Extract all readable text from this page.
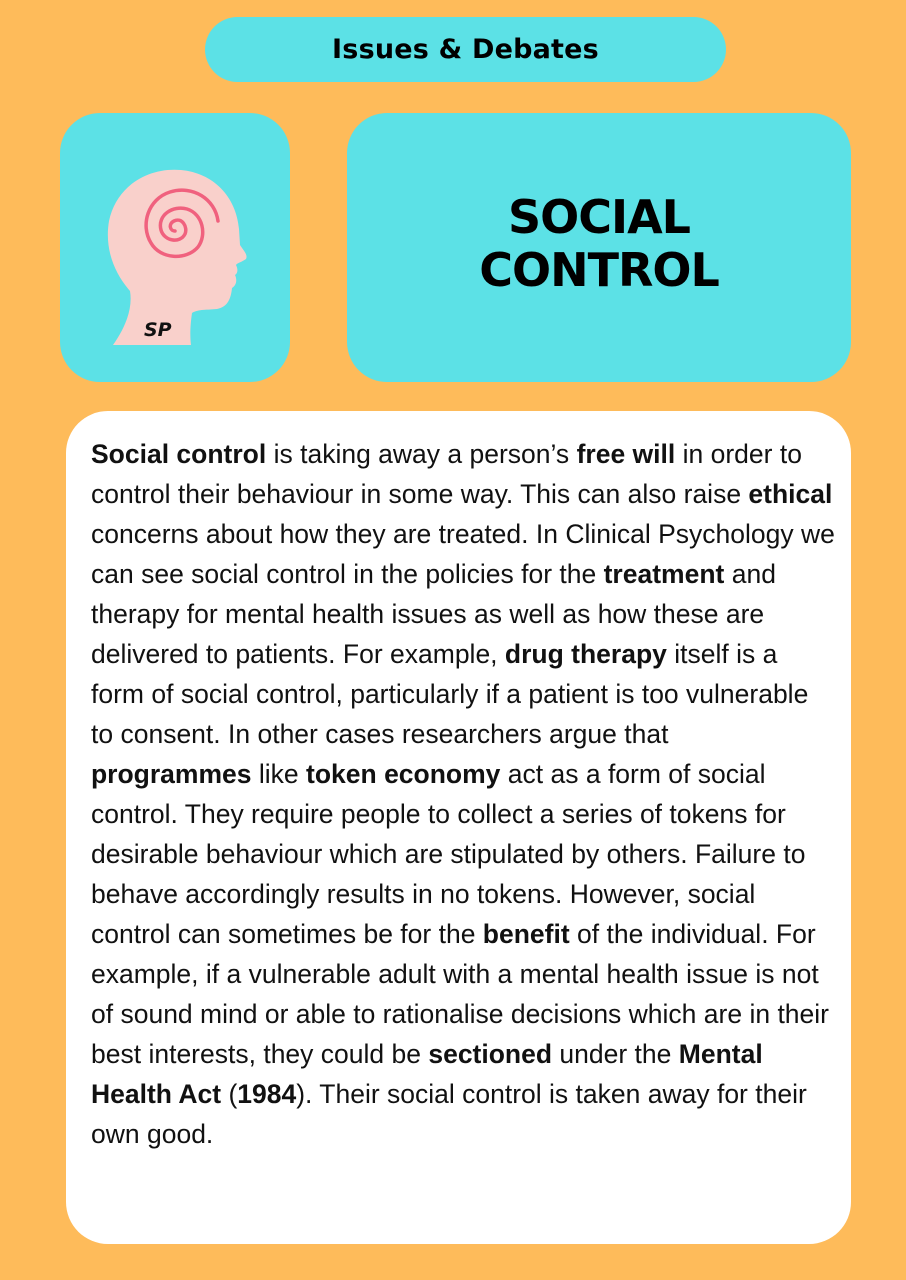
Issues & Debates
SP
SOCIAL
CONTROL

Social control is taking away a person’s free will in order to control their behaviour in some way. This can also raise ethical concerns about how they are treated. In Clinical Psychology we can see social control in the policies for the treatment and therapy for mental health issues as well as how these are delivered to patients. For example, drug therapy itself is a form of social control, particularly if a patient is too vulnerable to consent. In other cases researchers argue that programmes like token economy act as a form of social control. They require people to collect a series of tokens for desirable behaviour which are stipulated by others. Failure to behave accordingly results in no tokens. However, social control can sometimes be for the benefit of the individual. For example, if a vulnerable adult with a mental health issue is not of sound mind or able to rationalise decisions which are in their best interests, they could be sectioned under the Mental Health Act (1984). Their social control is taken away for their own good.
